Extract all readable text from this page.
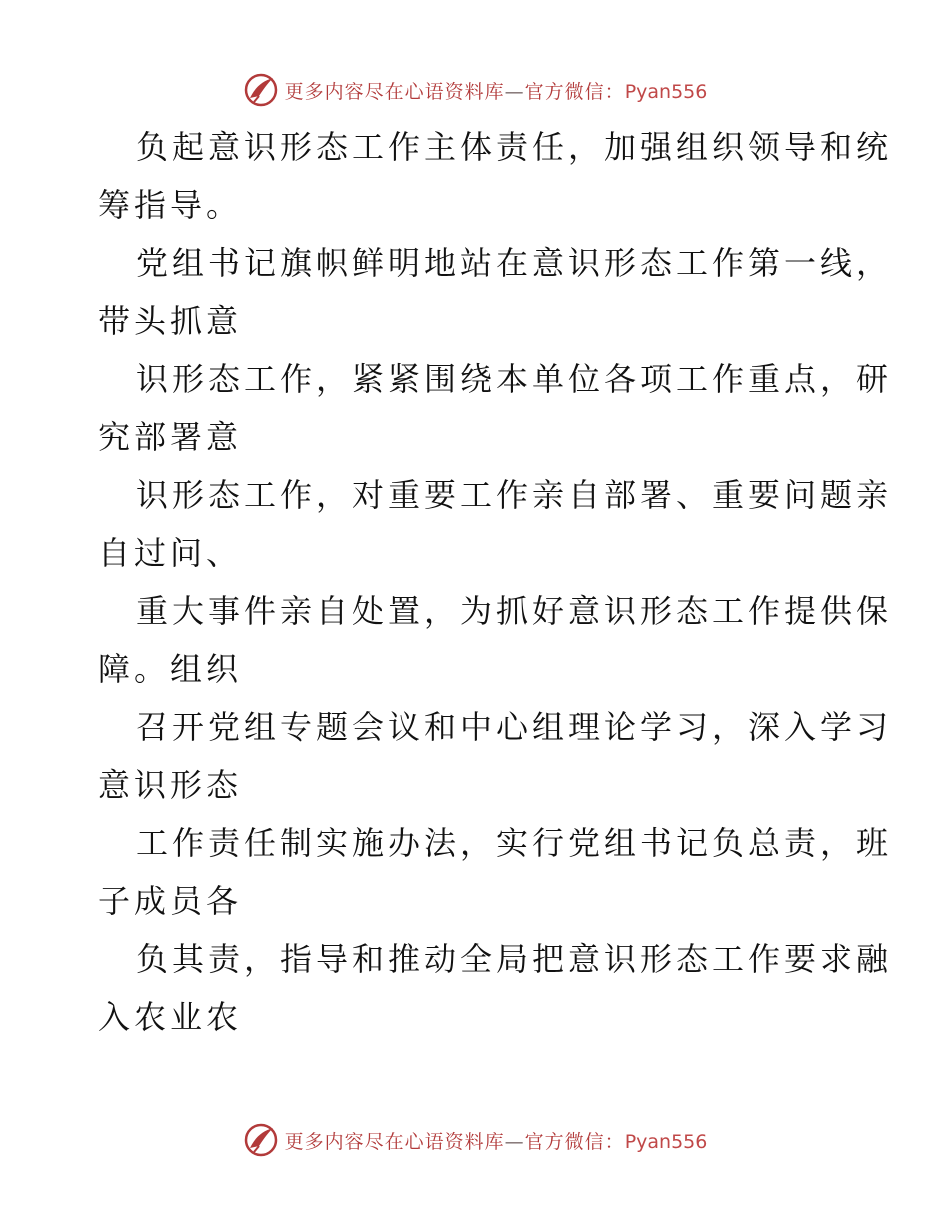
更多内容尽在心语资料库—官方微信：Pyan556
负起意识形态工作主体责任，加强组织领导和统
筹指导。
党组书记旗帜鲜明地站在意识形态工作第一线，
带头抓意
识形态工作，紧紧围绕本单位各项工作重点，研
究部署意
识形态工作，对重要工作亲自部署、重要问题亲
自过问、
重大事件亲自处置，为抓好意识形态工作提供保
障。组织
召开党组专题会议和中心组理论学习，深入学习
意识形态
工作责任制实施办法，实行党组书记负总责，班
子成员各
负其责，指导和推动全局把意识形态工作要求融
入农业农
更多内容尽在心语资料库—官方微信：Pyan556
